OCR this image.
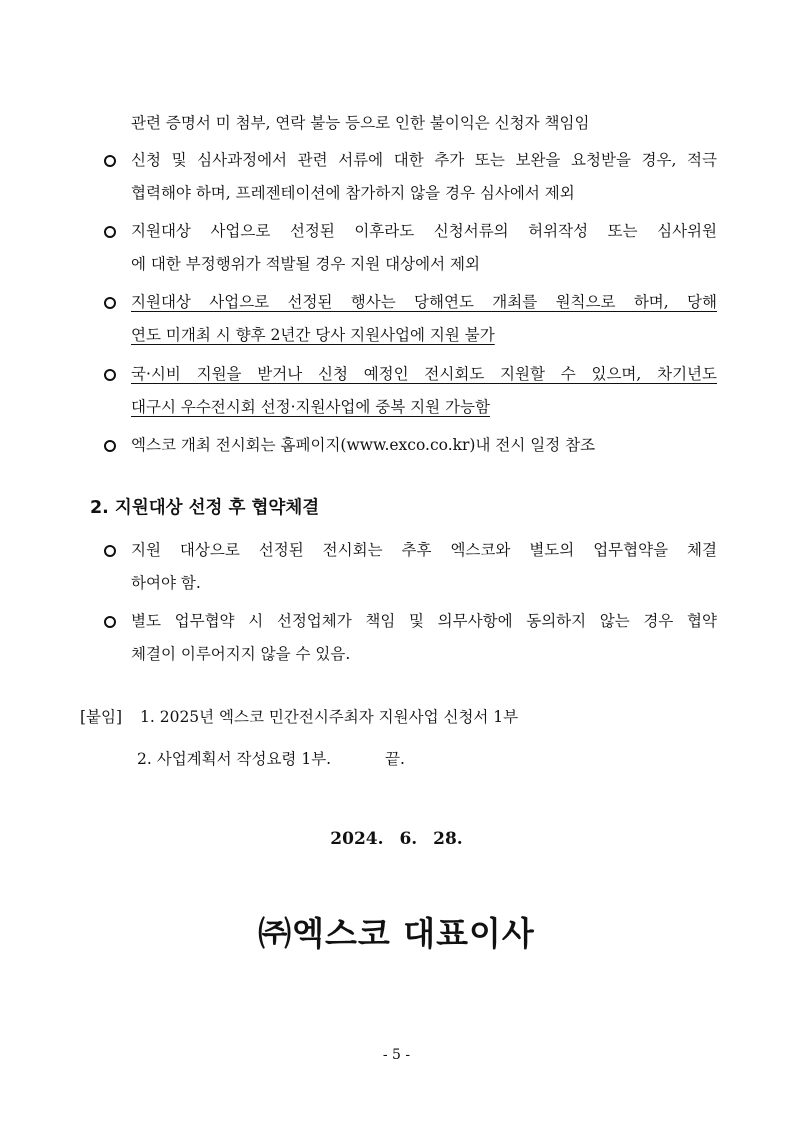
관련 증명서 미 첨부, 연락 불능 등으로 인한 불이익은 신청자 책임임
신청 및 심사과정에서 관련 서류에 대한 추가 또는 보완을 요청받을 경우, 적극
협력해야 하며, 프레젠테이션에 참가하지 않을 경우 심사에서 제외
지원대상 사업으로 선정된 이후라도 신청서류의 허위작성 또는 심사위원
에 대한 부정행위가 적발될 경우 지원 대상에서 제외
지원대상 사업으로 선정된 행사는 당해연도 개최를 원칙으로 하며, 당해
연도 미개최 시 향후 2년간 당사 지원사업에 지원 불가
국·시비 지원을 받거나 신청 예정인 전시회도 지원할 수 있으며, 차기년도
대구시 우수전시회 선정·지원사업에 중복 지원 가능함
엑스코 개최 전시회는 홈페이지(www.exco.co.kr)내 전시 일정 참조
2. 지원대상 선정 후 협약체결
지원 대상으로 선정된 전시회는 추후 엑스코와 별도의 업무협약을 체결
하여야 함.
별도 업무협약 시 선정업체가 책임 및 의무사항에 동의하지 않는 경우 협약
체결이 이루어지지 않을 수 있음.
[붙임] 1. 2025년 엑스코 민간전시주최자 지원사업 신청서 1부
2. 사업계획서 작성요령 1부.	끝.
2024. 6. 28.
㈜엑스코 대표이사
- 5 -
